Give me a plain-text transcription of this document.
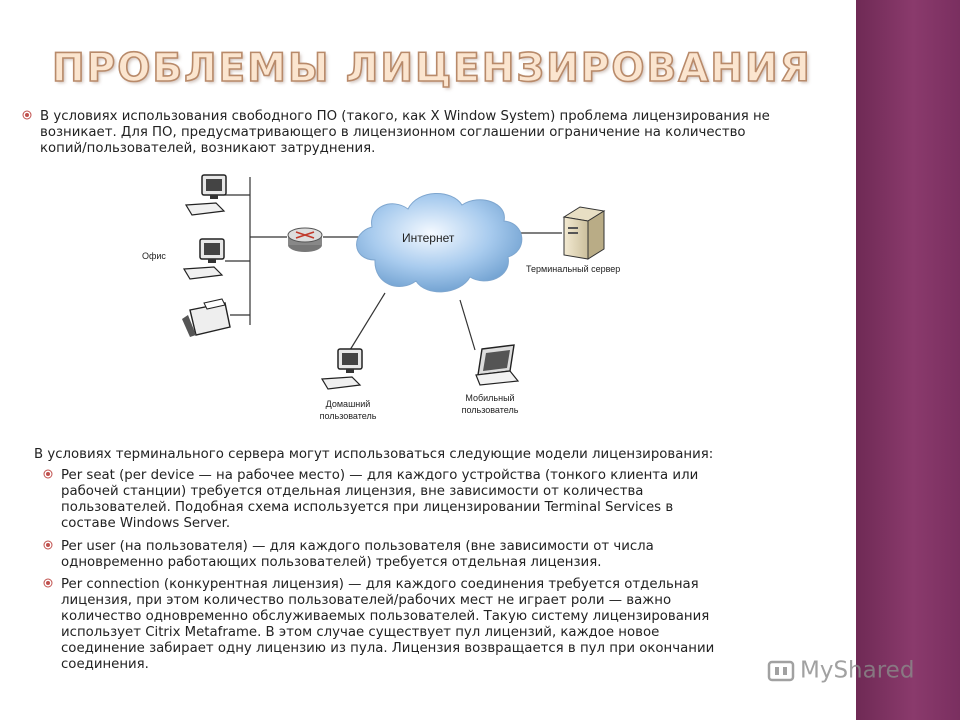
ПРОБЛЕМЫ ЛИЦЕНЗИРОВАНИЯ
В условиях использования свободного ПО (такого, как X Window System) проблема лицензирования не
возникает. Для ПО, предусматривающего в лицензионном соглашении ограничение на количество
копий/пользователей, возникают затруднения.
Офис
Интернет
Терминальный сервер
Домашний
пользователь
Мобильный
пользователь
В условиях терминального сервера могут использоваться следующие модели лицензирования:
Per seat (per device — на рабочее место) — для каждого устройства (тонкого клиента или
рабочей станции) требуется отдельная лицензия, вне зависимости от количества
пользователей. Подобная схема используется при лицензировании Terminal Services в
составе Windows Server.
Per user (на пользователя) — для каждого пользователя (вне зависимости от числа
одновременно работающих пользователей) требуется отдельная лицензия.
Per connection (конкурентная лицензия) — для каждого соединения требуется отдельная
лицензия, при этом количество пользователей/рабочих мест не играет роли — важно
количество одновременно обслуживаемых пользователей. Такую систему лицензирования
использует Citrix Metaframe. В этом случае существует пул лицензий, каждое новое
соединение забирает одну лицензию из пула. Лицензия возвращается в пул при окончании
соединения.	MyShared
